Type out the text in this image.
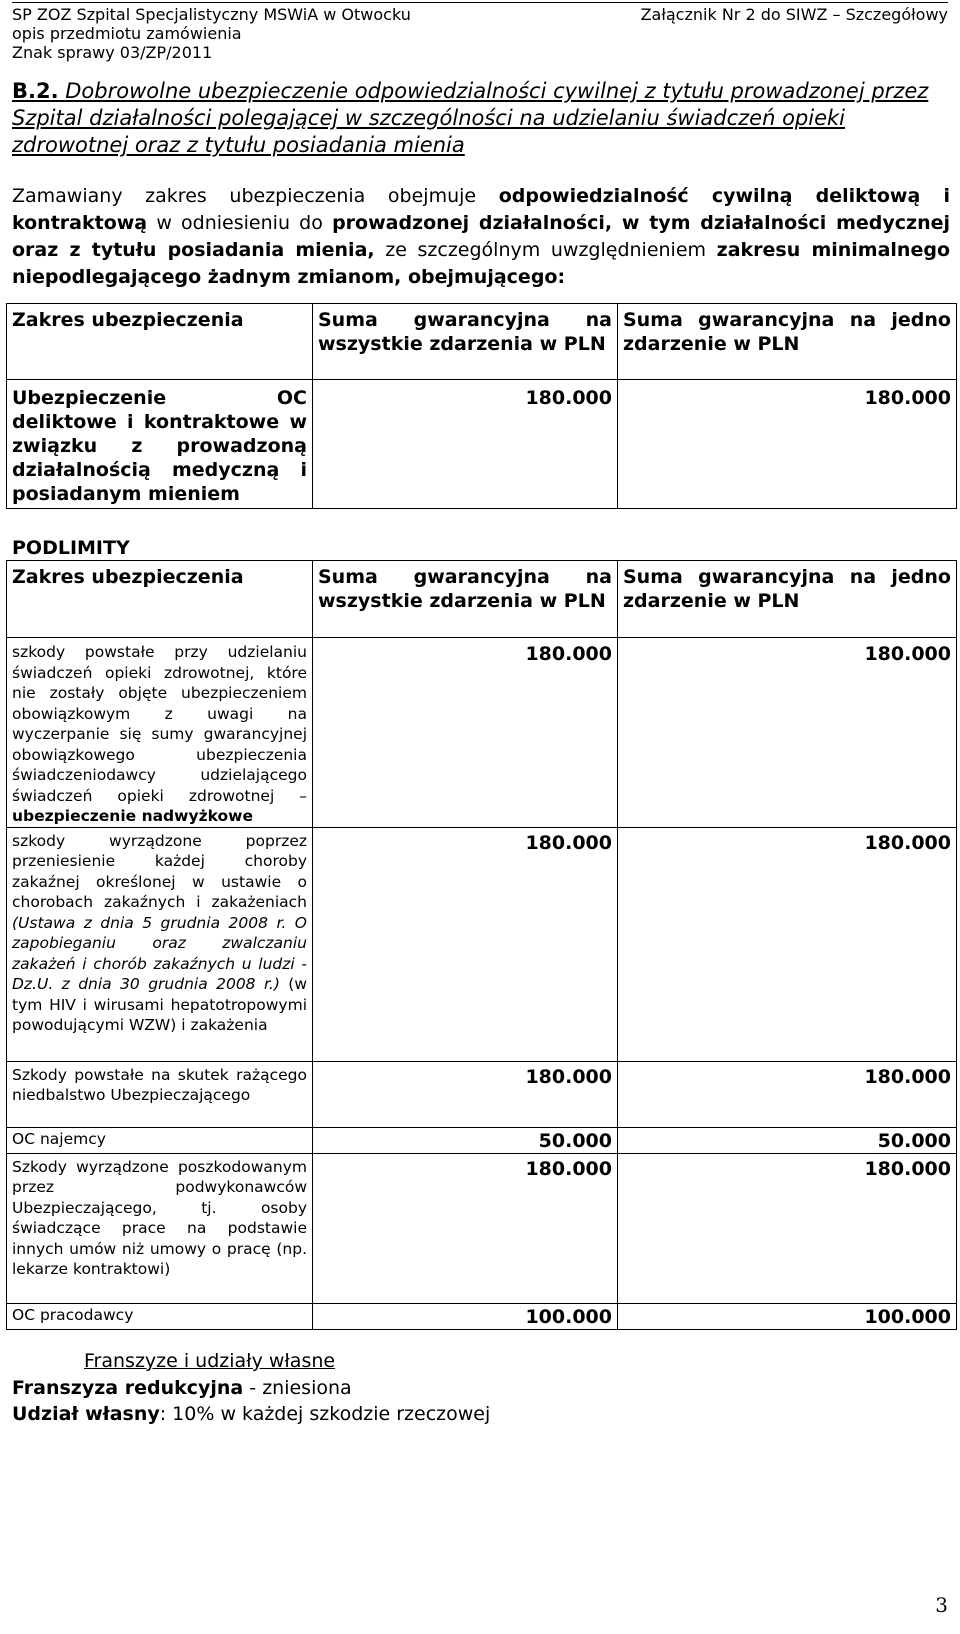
SP ZOZ Szpital Specjalistyczny MSWiA w Otwocku
opis przedmiotu zamówienia
Znak sprawy 03/ZP/2011
Załącznik Nr 2 do SIWZ – Szczegółowy
B.2. Dobrowolne ubezpieczenie odpowiedzialności cywilnej z tytułu prowadzonej przez Szpital działalności polegającej w szczególności na udzielaniu świadczeń opieki zdrowotnej oraz z tytułu posiadania mienia

Zamawiany zakres ubezpieczenia obejmuje odpowiedzialność cywilną deliktową i kontraktową w odniesieniu do prowadzonej działalności, w tym działalności medycznej oraz z tytułu posiadania mienia, ze szczególnym uwzględnieniem zakresu minimalnego niepodlegającego żadnym zmianom, obejmującego:

Zakres ubezpieczenia	Suma gwarancyjna na wszystkie zdarzenia w PLN	Suma gwarancyjna na jedno zdarzenie w PLN
Ubezpieczenie OC deliktowe i kontraktowe w związku z prowadzoną działalnością medyczną i posiadanym mieniem	180.000	180.000
PODLIMITY
Zakres ubezpieczenia	Suma gwarancyjna na wszystkie zdarzenia w PLN	Suma gwarancyjna na jedno zdarzenie w PLN
szkody powstałe przy udzielaniu świadczeń opieki zdrowotnej, które nie zostały objęte ubezpieczeniem obowiązkowym z uwagi na wyczerpanie się sumy gwarancyjnej obowiązkowego ubezpieczenia świadczeniodawcy udzielającego świadczeń opieki zdrowotnej – ubezpieczenie nadwyżkowe	180.000	180.000
szkody wyrządzone poprzez przeniesienie każdej choroby zakaźnej określonej w ustawie o chorobach zakaźnych i zakażeniach (Ustawa z dnia 5 grudnia 2008 r. O zapobieganiu oraz zwalczaniu zakażeń i chorób zakaźnych u ludzi - Dz.U. z dnia 30 grudnia 2008 r.) (w tym HIV i wirusami hepatotropowymi powodującymi WZW) i zakażenia	180.000	180.000
Szkody powstałe na skutek rażącego niedbalstwo Ubezpieczającego	180.000	180.000
OC najemcy	50.000	50.000
Szkody wyrządzone poszkodowanym przez podwykonawców Ubezpieczającego, tj. osoby świadczące prace na podstawie innych umów niż umowy o pracę (np. lekarze kontraktowi)	180.000	180.000
OC pracodawcy	100.000	100.000
Franszyze i udziały własne
Franszyza redukcyjna - zniesiona
Udział własny: 10% w każdej szkodzie rzeczowej
3
